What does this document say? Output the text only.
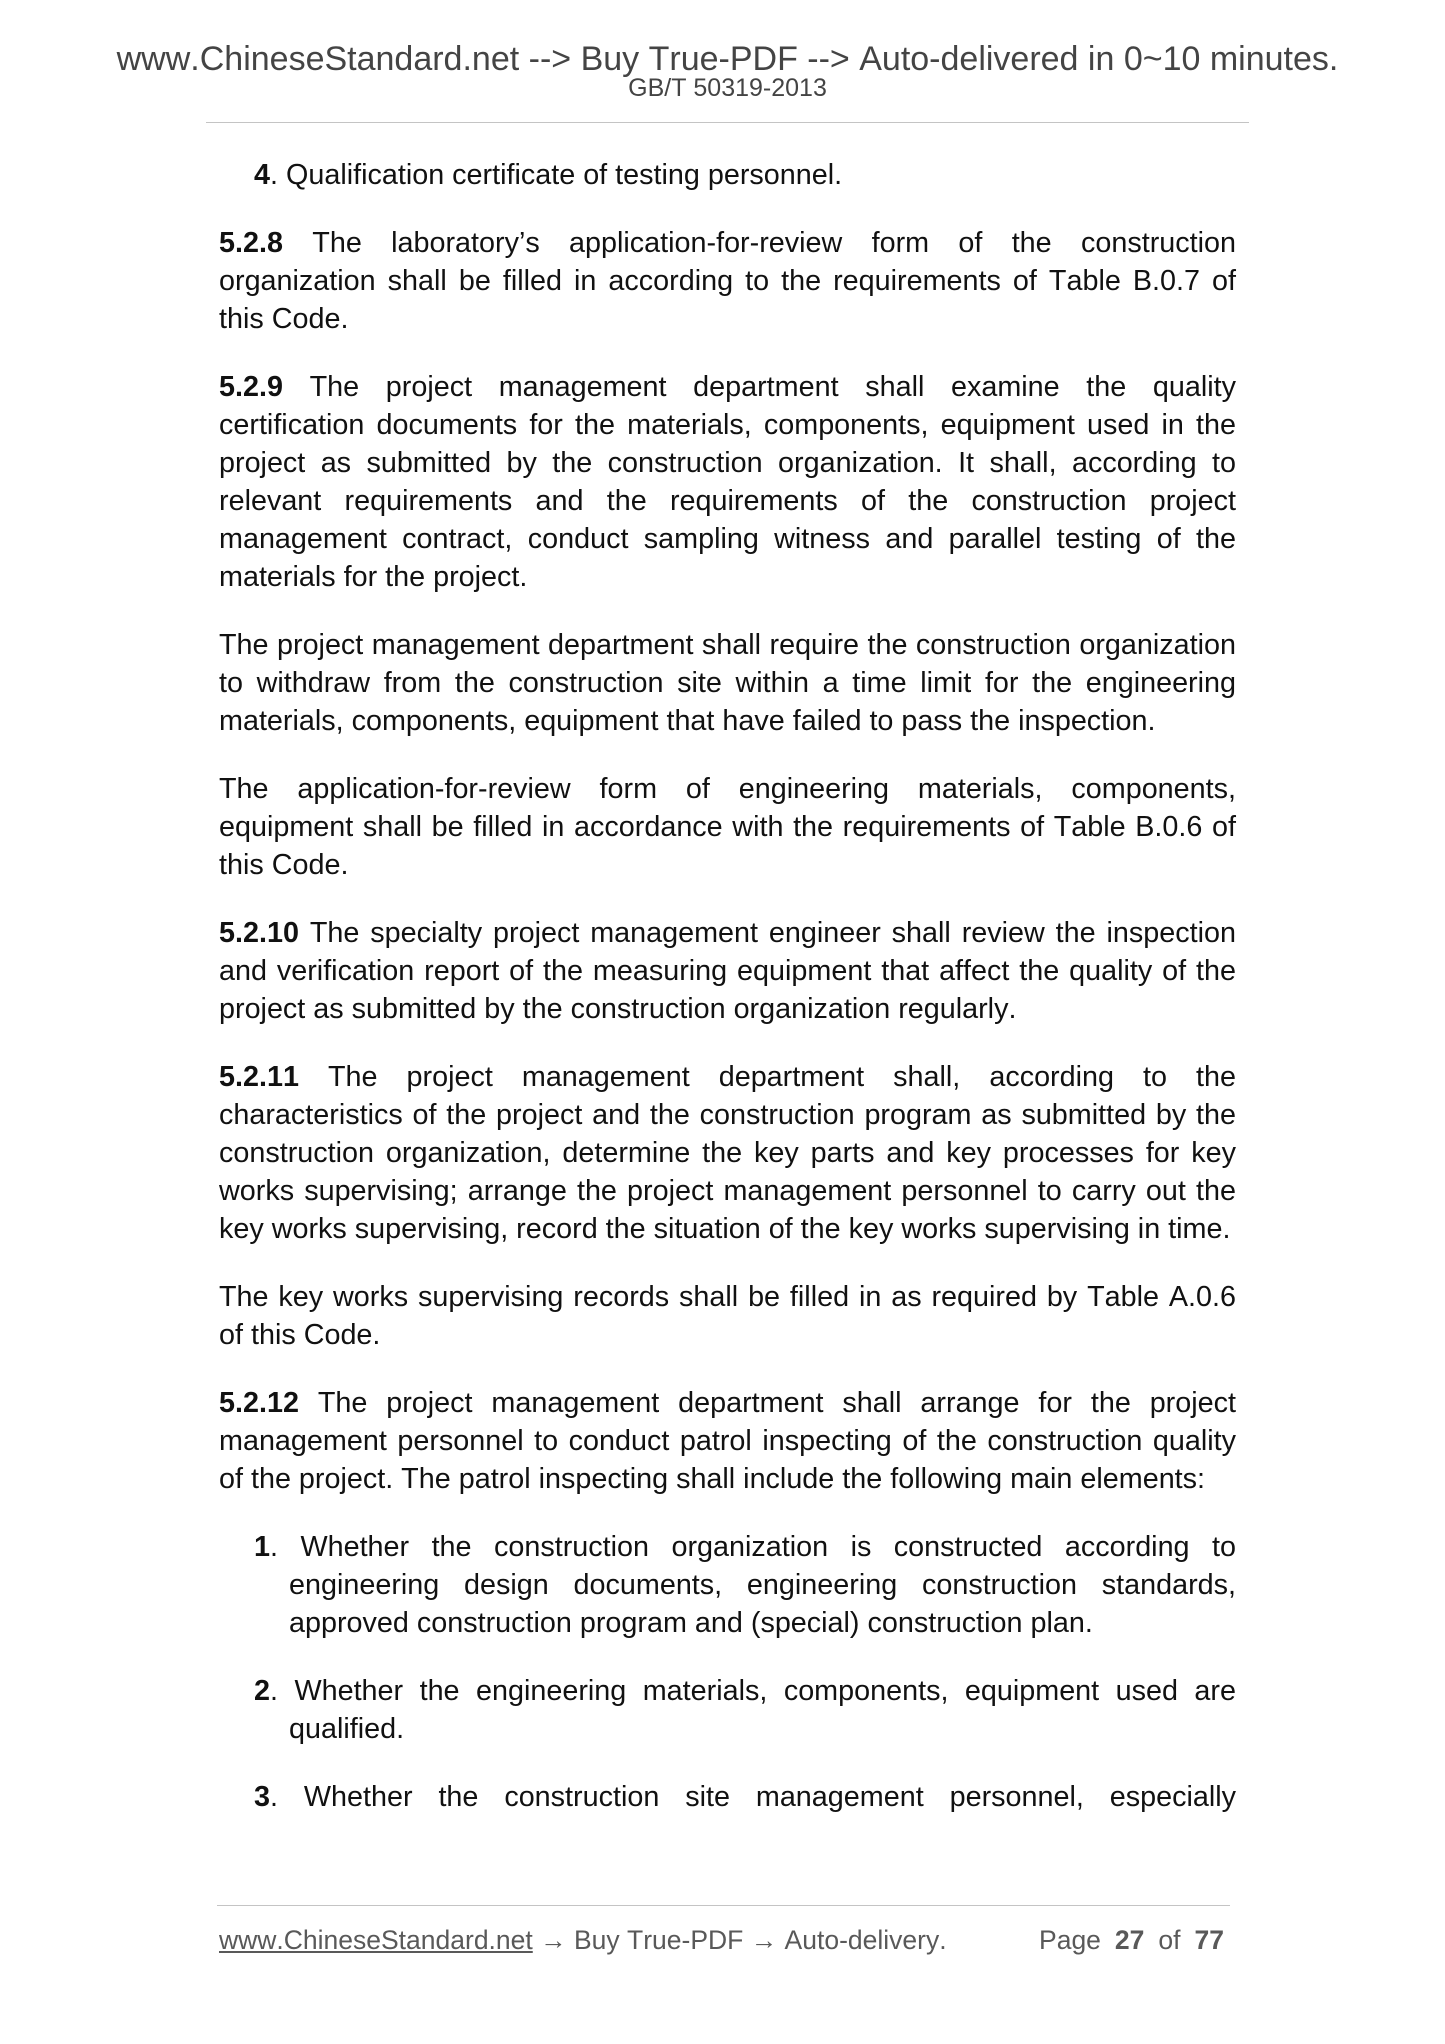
www.ChineseStandard.net --> Buy True-PDF --> Auto-delivered in 0~10 minutes.
GB/T 50319-2013

4. Qualification certificate of testing personnel.

5.2.8 The laboratory’s application-for-review form of the construction organization shall be filled in according to the requirements of Table B.0.7 of this Code.

5.2.9 The project management department shall examine the quality certification documents for the materials, components, equipment used in the project as submitted by the construction organization. It shall, according to relevant requirements and the requirements of the construction project management contract, conduct sampling witness and parallel testing of the materials for the project.

The project management department shall require the construction organization to withdraw from the construction site within a time limit for the engineering materials, components, equipment that have failed to pass the inspection.

The application-for-review form of engineering materials, components, equipment shall be filled in accordance with the requirements of Table B.0.6 of this Code.

5.2.10 The specialty project management engineer shall review the inspection and verification report of the measuring equipment that affect the quality of the project as submitted by the construction organization regularly.

5.2.11 The project management department shall, according to the characteristics of the project and the construction program as submitted by the construction organization, determine the key parts and key processes for key works supervising; arrange the project management personnel to carry out the key works supervising, record the situation of the key works supervising in time.

The key works supervising records shall be filled in as required by Table A.0.6 of this Code.

5.2.12 The project management department shall arrange for the project management personnel to conduct patrol inspecting of the construction quality of the project. The patrol inspecting shall include the following main elements:

1. Whether the construction organization is constructed according to engineering design documents, engineering construction standards, approved construction program and (special) construction plan.

2. Whether the engineering materials, components, equipment used are qualified.

3. Whether the construction site management personnel, especially

www.ChineseStandard.net → Buy True-PDF → Auto-delivery.	Page 27 of 77
